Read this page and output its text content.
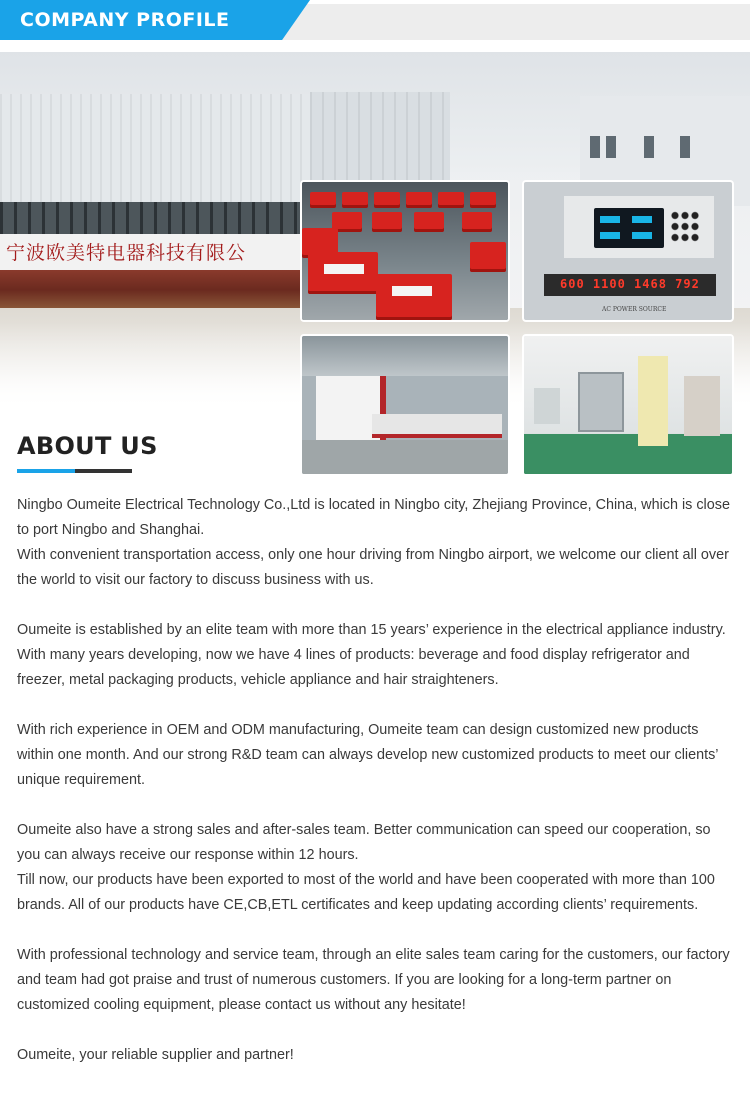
COMPANY PROFILE
宁波欧美特电器科技有限公
600 1100 1468 792
AC POWER SOURCE
ABOUT US

Ningbo Oumeite Electrical Technology Co.,Ltd is located in Ningbo city, Zhejiang Province, China, which is close to port Ningbo and Shanghai.

With convenient transportation access, only one hour driving from Ningbo airport, we welcome our client all over the world to visit our factory to discuss business with us.

Oumeite is established by an elite team with more than 15 years’ experience in the electrical appliance industry.

With many years developing, now we have 4 lines of products: beverage and food display refrigerator and freezer, metal packaging products, vehicle appliance and hair straighteners.

With rich experience in OEM and ODM manufacturing, Oumeite team can design customized new products within one month. And our strong R&D team can always develop new customized products to meet our clients’ unique requirement.

Oumeite also have a strong sales and after-sales team. Better communication can speed our cooperation, so you can always receive our response within 12 hours.

Till now, our products have been exported to most of the world and have been cooperated with more than 100 brands. All of our products have CE,CB,ETL certificates and keep updating according clients’ requirements.

With professional technology and service team, through an elite sales team caring for the customers, our factory and team had got praise and trust of numerous customers. If you are looking for a long-term partner on customized cooling equipment, please contact us without any hesitate!

Oumeite, your reliable supplier and partner!
